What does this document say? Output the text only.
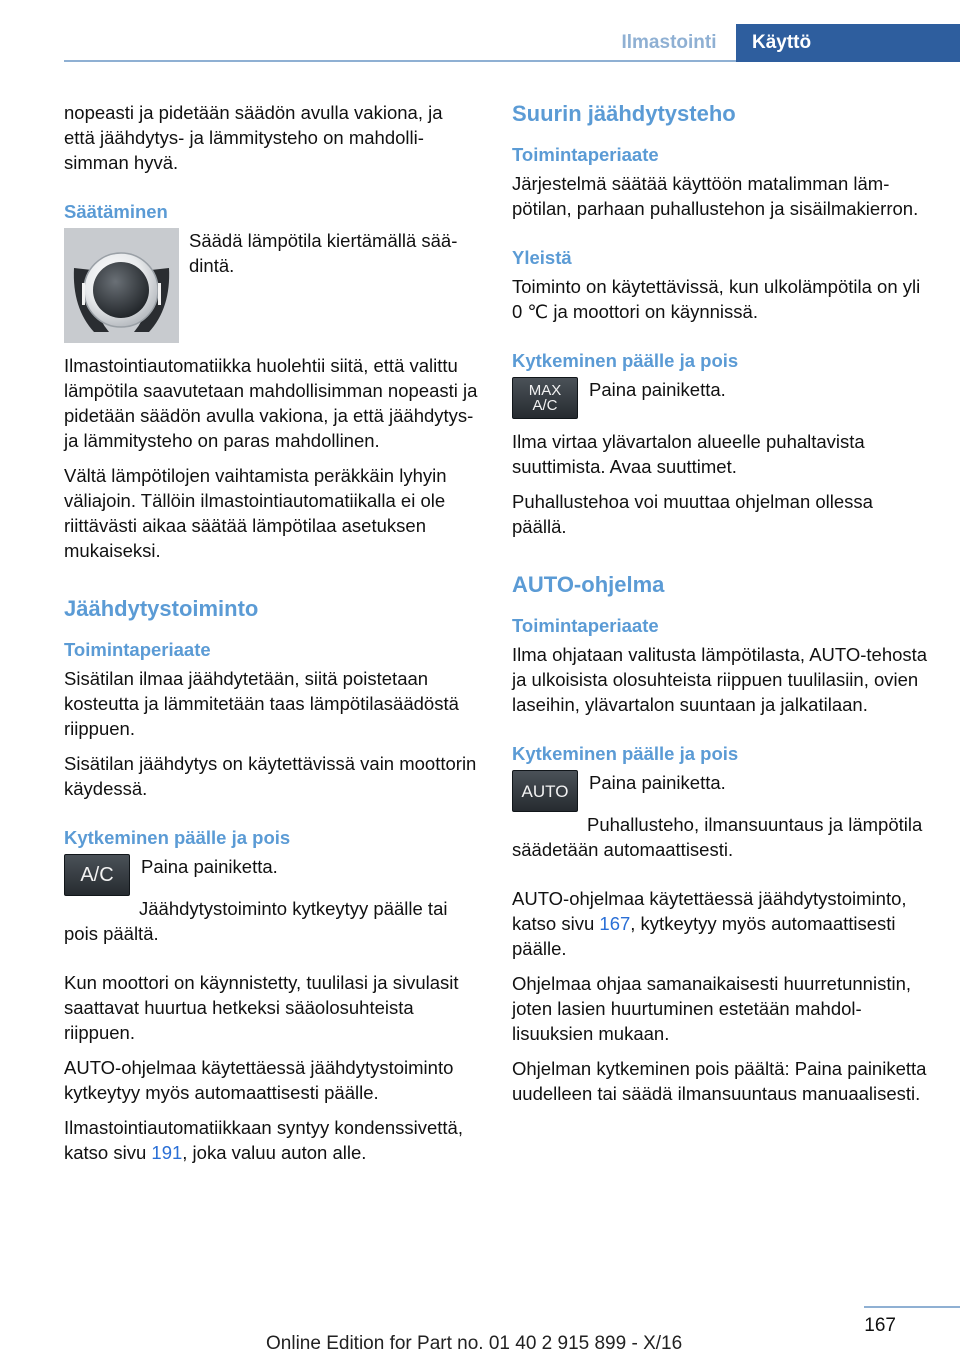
Ilmastointi	Käyttö

nopeasti ja pidetään säädön avulla vakiona, ja että jäähdytys- ja lämmitysteho on mahdollisimman hyvä.

Säätäminen

Säädä lämpötila kiertämällä säädintä.

Ilmastointiautomatiikka huolehtii siitä, että valittu lämpötila saavutetaan mahdollisimman nopeasti ja pidetään säädön avulla vakiona, ja että jäähdytys- ja lämmitysteho on paras mahdollinen.

Vältä lämpötilojen vaihtamista peräkkäin lyhyin väliajoin. Tällöin ilmastointiautomatiikalla ei ole riittävästi aikaa säätää lämpötilaa asetuksen mukaiseksi.

Jäähdytystoiminto
Toimintaperiaate

Sisätilan ilmaa jäähdytetään, siitä poistetaan kosteutta ja lämmitetään taas lämpötilasäädöstä riippuen.

Sisätilan jäähdytys on käytettävissä vain moottorin käydessä.

Kytkeminen päälle ja pois
A/C Paina painiketta.

Jäähdytystoiminto kytkeytyy päälle tai pois päältä.

Kun moottori on käynnistetty, tuulilasi ja sivulasit saattavat huurtua hetkeksi sääolosuhteista riippuen.

AUTO-ohjelmaa käytettäessä jäähdytystoiminto kytkeytyy myös automaattisesti päälle.

Ilmastointiautomatiikkaan syntyy kondenssivettä, katso sivu 191, joka valuu auton alle.

Suurin jäähdytysteho
Toimintaperiaate

Järjestelmä säätää käyttöön matalimman lämpötilan, parhaan puhallustehon ja sisäilmakierron.

Yleistä

Toiminto on käytettävissä, kun ulkolämpötila on yli 0 ℃ ja moottori on käynnissä.

Kytkeminen päälle ja pois
MAX
A/C

Paina painiketta.

Ilma virtaa ylävartalon alueelle puhaltavista suuttimista. Avaa suuttimet.

Puhallustehoa voi muuttaa ohjelman ollessa päällä.

AUTO-ohjelma
Toimintaperiaate

Ilma ohjataan valitusta lämpötilasta, AUTO-tehosta ja ulkoisista olosuhteista riippuen tuulilasiin, ovien laseihin, ylävartalon suuntaan ja jalkatilaan.

Kytkeminen päälle ja pois
AUTO Paina painiketta.

Puhallusteho, ilmansuuntaus ja lämpötila säädetään automaattisesti.

AUTO-ohjelmaa käytettäessä jäähdytystoiminto, katso sivu 167, kytkeytyy myös automaattisesti päälle.

Ohjelmaa ohjaa samanaikaisesti huurretunnistin, joten lasien huurtuminen estetään mahdollisuuksien mukaan.

Ohjelman kytkeminen pois päältä: Paina painiketta uudelleen tai säädä ilmansuuntaus manuaalisesti.

167
Online Edition for Part no. 01 40 2 915 899 - X/16
